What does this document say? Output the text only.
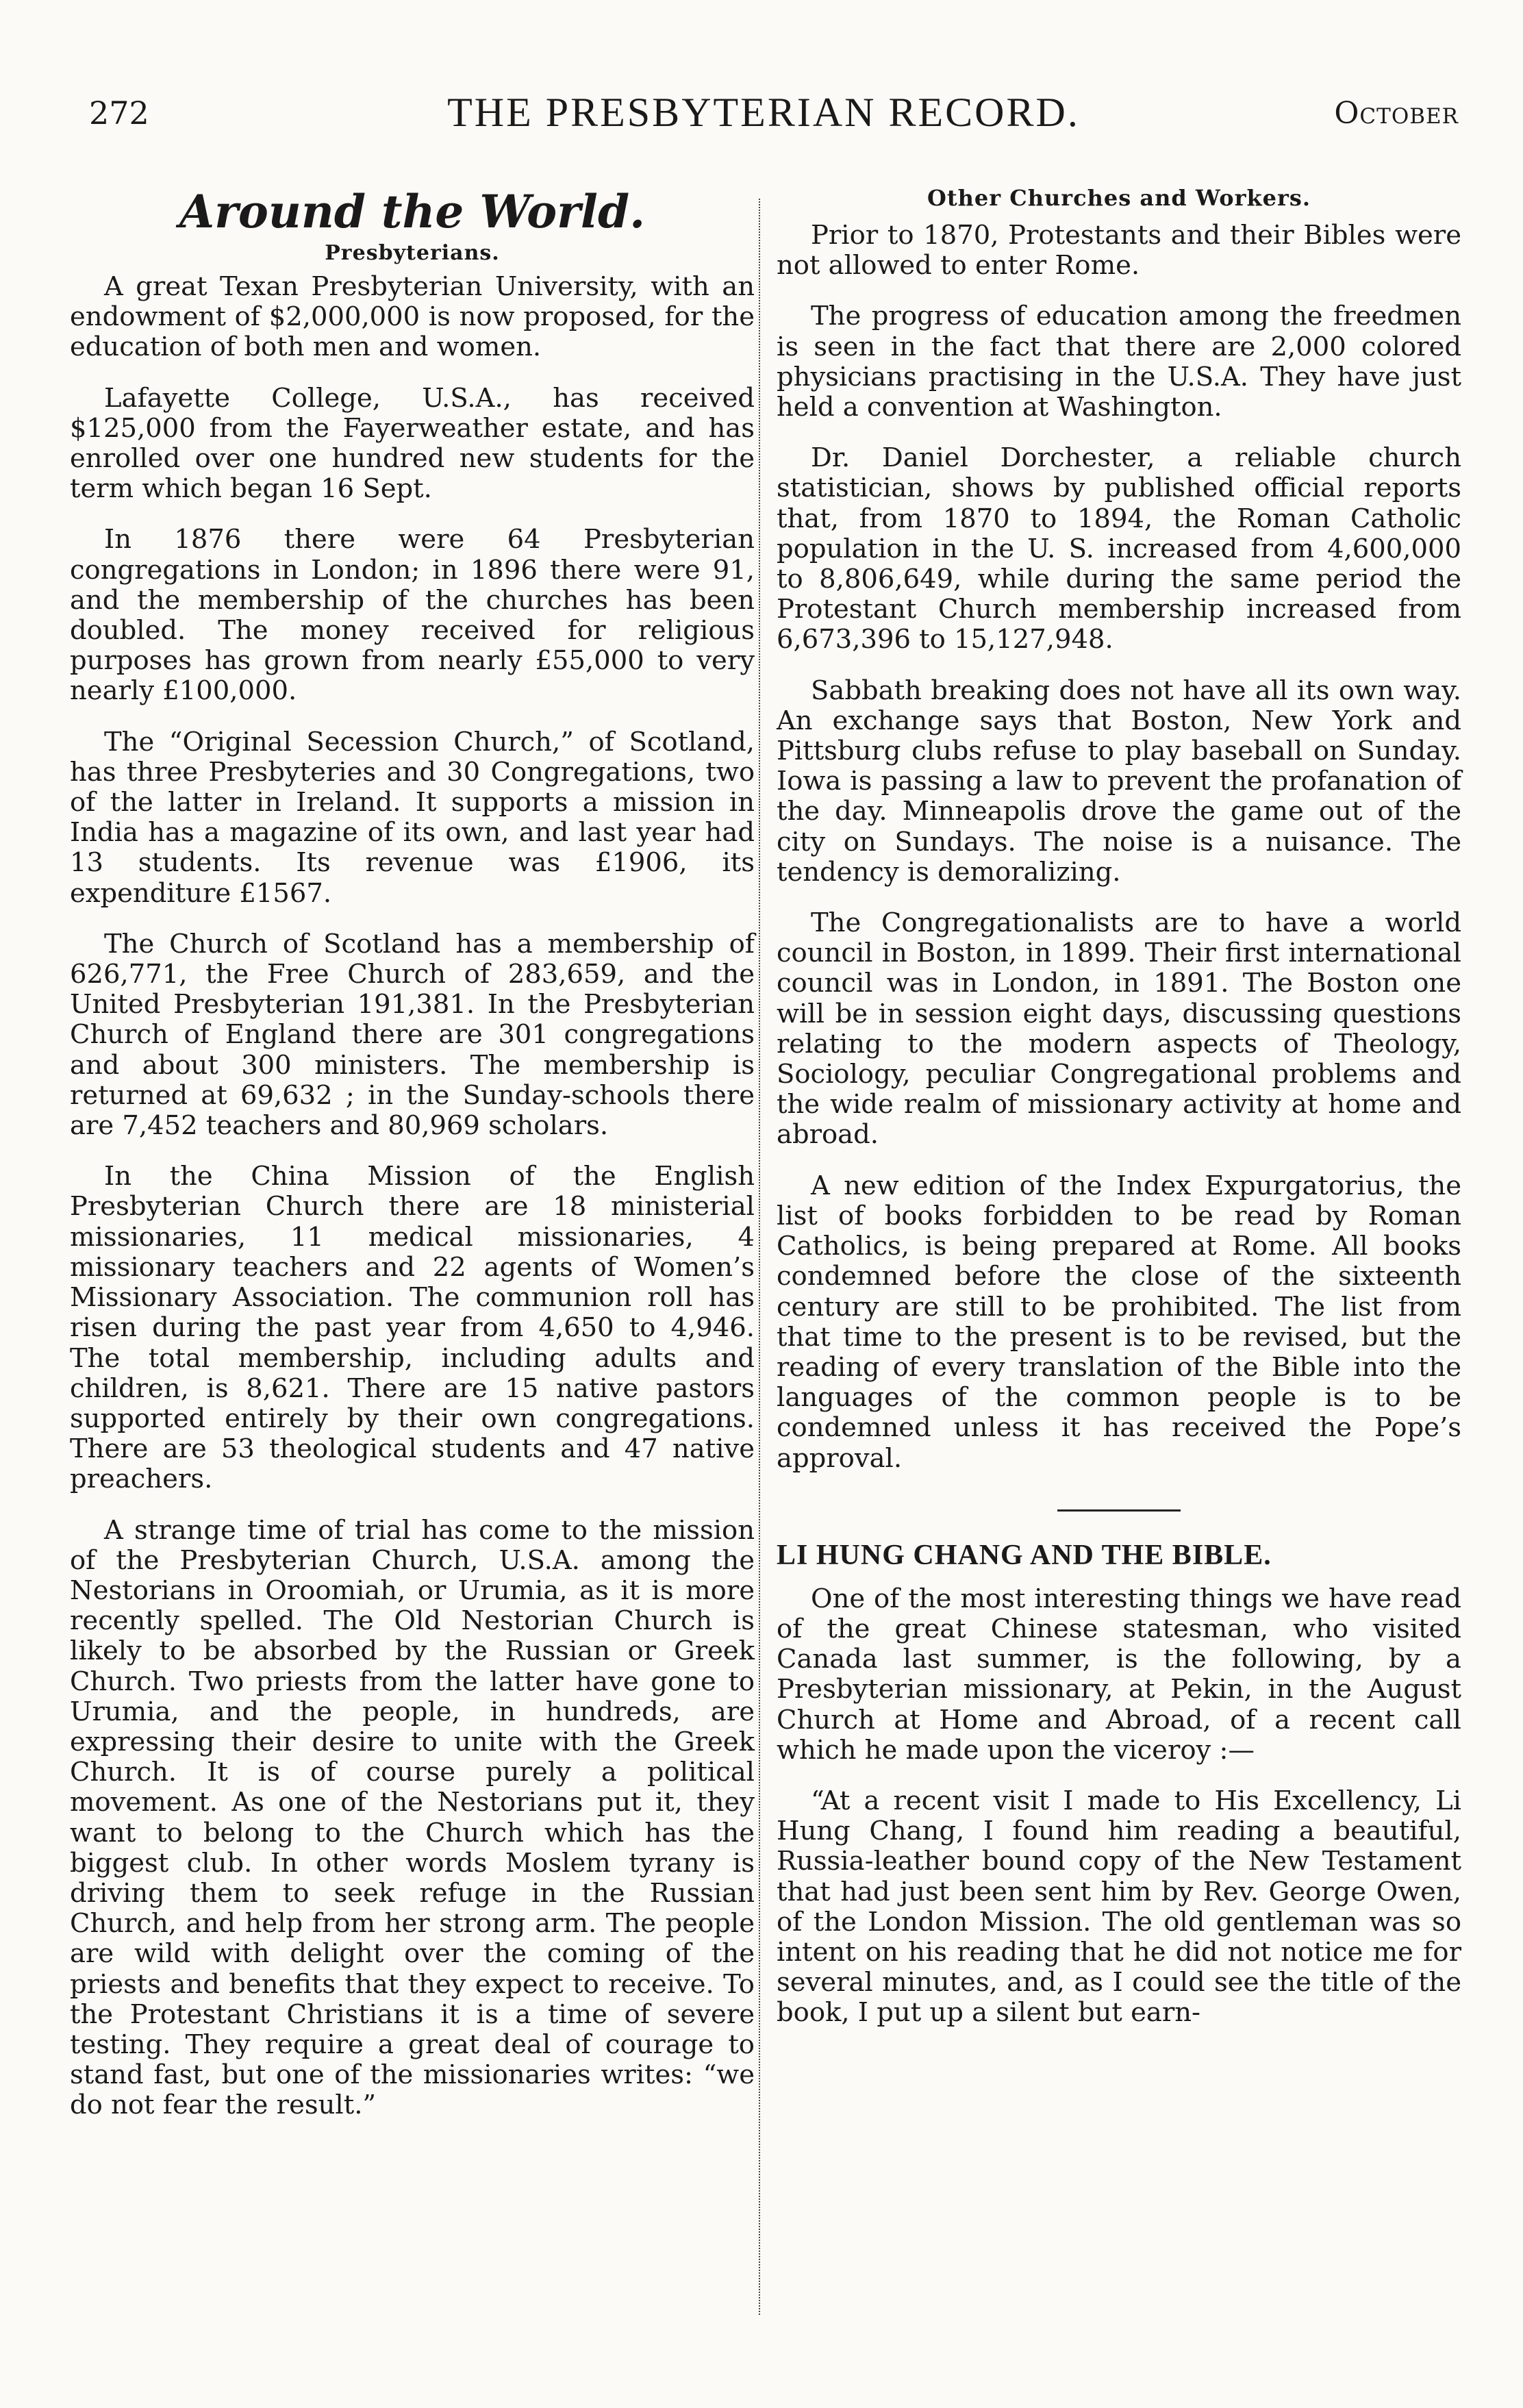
272	THE PRESBYTERIAN RECORD.	October
Around the World.
Presbyterians.

A great Texan Presbyterian University, with an endowment of $2,000,000 is now proposed, for the education of both men and women.

Lafayette College, U.S.A., has received $125,000 from the Fayerweather estate, and has enrolled over one hundred new students for the term which began 16 Sept.

In 1876 there were 64 Presbyterian congregations in London; in 1896 there were 91, and the membership of the churches has been doubled. The money received for religious purposes has grown from nearly £55,000 to very nearly £100,000.

The “Original Secession Church,” of Scotland, has three Presbyteries and 30 Congregations, two of the latter in Ireland. It supports a mission in India has a magazine of its own, and last year had 13 students. Its revenue was £1906, its expenditure £1567.

The Church of Scotland has a membership of 626,771, the Free Church of 283,659, and the United Presbyterian 191,381. In the Presbyterian Church of England there are 301 congregations and about 300 ministers. The membership is returned at 69,632 ; in the Sunday-schools there are 7,452 teachers and 80,969 scholars.

In the China Mission of the English Presbyterian Church there are 18 ministerial missionaries, 11 medical missionaries, 4 missionary teachers and 22 agents of Women’s Missionary Association. The communion roll has risen during the past year from 4,650 to 4,946. The total membership, including adults and children, is 8,621. There are 15 native pastors supported entirely by their own congregations. There are 53 theological students and 47 native preachers.

A strange time of trial has come to the mission of the Presbyterian Church, U.S.A. among the Nestorians in Oroomiah, or Urumia, as it is more recently spelled. The Old Nestorian Church is likely to be absorbed by the Russian or Greek Church. Two priests from the latter have gone to Urumia, and the people, in hundreds, are expressing their desire to unite with the Greek Church. It is of course purely a political movement. As one of the Nestorians put it, they want to belong to the Church which has the biggest club. In other words Moslem tyrany is driving them to seek refuge in the Russian Church, and help from her strong arm. The people are wild with delight over the coming of the priests and benefits that they expect to receive. To the Protestant Christians it is a time of severe testing. They require a great deal of courage to stand fast, but one of the missionaries writes: “we do not fear the result.”

Other Churches and Workers.

Prior to 1870, Protestants and their Bibles were not allowed to enter Rome.

The progress of education among the freedmen is seen in the fact that there are 2,000 colored physicians practising in the U.S.A. They have just held a convention at Washington.

Dr. Daniel Dorchester, a reliable church statistician, shows by published official reports that, from 1870 to 1894, the Roman Catholic population in the U. S. increased from 4,600,000 to 8,806,649, while during the same period the Protestant Church membership increased from 6,673,396 to 15,127,948.

Sabbath breaking does not have all its own way. An exchange says that Boston, New York and Pittsburg clubs refuse to play baseball on Sunday. Iowa is passing a law to prevent the profanation of the day. Minneapolis drove the game out of the city on Sundays. The noise is a nuisance. The tendency is demoralizing.

The Congregationalists are to have a world council in Boston, in 1899. Their first international council was in London, in 1891. The Boston one will be in session eight days, discussing questions relating to the modern aspects of Theology, Sociology, peculiar Congregational problems and the wide realm of missionary activity at home and abroad.

A new edition of the Index Expurgatorius, the list of books forbidden to be read by Roman Catholics, is being prepared at Rome. All books condemned before the close of the sixteenth century are still to be prohibited. The list from that time to the present is to be revised, but the reading of every translation of the Bible into the languages of the common people is to be condemned unless it has received the Pope’s approval.

LI HUNG CHANG AND THE BIBLE.

One of the most interesting things we have read of the great Chinese statesman, who visited Canada last summer, is the following, by a Presbyterian missionary, at Pekin, in the August Church at Home and Abroad, of a recent call which he made upon the viceroy :—

“At a recent visit I made to His Excellency, Li Hung Chang, I found him reading a beautiful, Russia-leather bound copy of the New Testament that had just been sent him by Rev. George Owen, of the London Mission. The old gentleman was so intent on his reading that he did not notice me for several minutes, and, as I could see the title of the book, I put up a silent but earn-
